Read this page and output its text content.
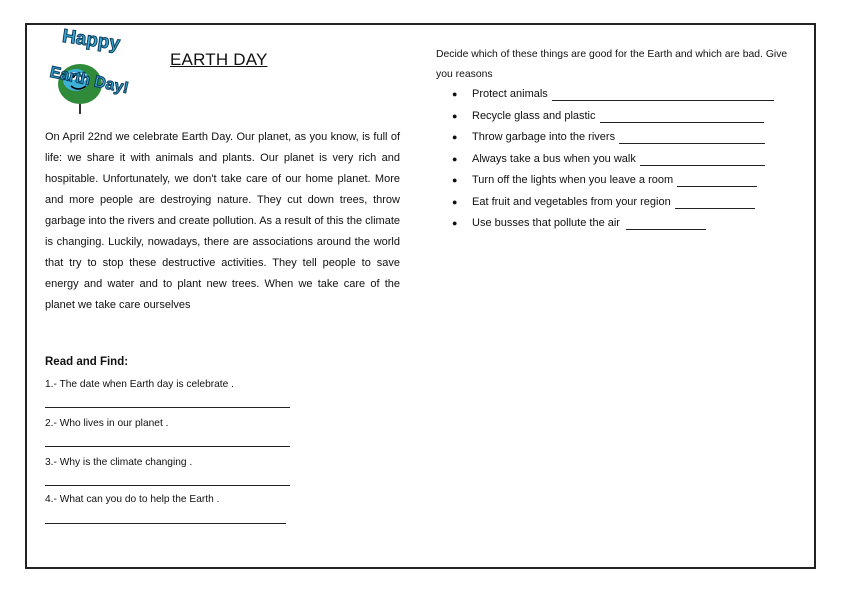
Happy
Earth Day!
EARTH DAY
On April 22nd we celebrate Earth Day. Our planet, as you know, is full of life: we share it with animals and plants. Our planet is very rich and hospitable. Unfortunately, we don't take care of our home planet. More and more people are destroying nature. They cut down trees, throw garbage into the rivers and create pollution. As a result of this the climate is changing. Luckily, nowadays, there are associations around the world that try to stop these destructive activities. They tell people to save energy and water and to plant new trees. When we take care of the planet we take care ourselves
Read and Find:
1.- The date when Earth day is celebrate .
2.- Who lives in our planet .
3.- Why is the climate changing .
4.- What can you do to help the Earth .
Decide which of these things are good for the Earth and which are bad. Give you reasons
●	Protect animals
●	Recycle glass and plastic
●	Throw garbage into the rivers
●	Always take a bus when you walk
●	Turn off the lights when you leave a room
●	Eat fruit and vegetables from your region
●	Use busses that pollute the air
